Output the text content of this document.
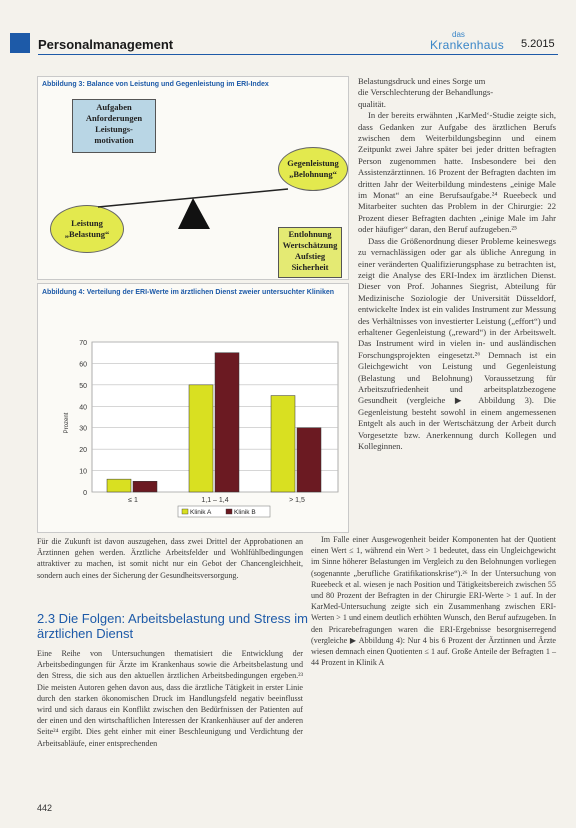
Personalmanagement
das
Krankenhaus 5.2015
Abbildung 3: Balance von Leistung und Gegenleistung im ERI-Index
Aufgaben
Anforderungen
Leistungs-
motivation
Gegenleistung
„Belohnung“
Leistung
„Belastung“	Entlohnung
Wertschätzung
Aufstieg
Sicherheit
Abbildung 4: Verteilung der ERI-Werte im ärztlichen Dienst zweier untersuchter Kliniken
0
10
20
30
40
50
60
70
Prozent
≤ 1	1,1 – 1,4	> 1,5
Klinik A	Klinik B

Belastungsdruck und eines Sorge um

die Verschlechterung der Behandlungs-

qualität.

In der bereits erwähnten ‚KarMed‘-Studie zeigte sich, dass Gedanken zur Aufgabe des ärztlichen Berufs zwischen dem Weiterbildungsbeginn und einem Zeitpunkt zwei Jahre später bei jeder dritten befragten Person zugenommen hatte. Insbesondere bei den Assistenzärztinnen. 16 Prozent der Befragten dachten im dritten Jahr der Weiterbildung mindestens „einige Male im Monat“ an eine Berufsaufgabe.²⁴ Rueebeck und Mitarbeiter suchten das Problem in der Chirurgie: 22 Prozent dieser Befragten dachten „einige Male im Jahr oder häufiger“ daran, den Beruf aufzugeben.²⁵

Dass die Größenordnung dieser Probleme keineswegs zu vernachlässigen oder gar als übliche Anregung in einer veränderten Qualifizierungsphase zu betrachten ist, zeigt die Analyse des ERI-Index im ärztlichen Dienst. Dieser von Prof. Johannes Siegrist, Abteilung für Medizinische Soziologie der Universität Düsseldorf, entwickelte Index ist ein valides Instrument zur Messung des Verhältnisses von investierter Leistung („effort“) und erhaltener Gegenleistung („reward“) in der Arbeitswelt. Das Instrument wird in vielen in- und ausländischen Forschungsprojekten eingesetzt.²⁶ Demnach ist ein Gleichgewicht von Leistung und Gegenleistung (Belastung und Belohnung) Voraussetzung für Arbeitszufriedenheit und arbeitsplatzbezogene Gesundheit (vergleiche ▶ Abbildung 3). Die Gegenleistung besteht sowohl in einem angemessenen Entgelt als auch in der Wertschätzung der Arbeit durch Vorgesetzte bzw. Anerkennung durch Kollegen und Kolleginnen.

Im Falle einer Ausgewogenheit beider Komponenten hat der Quotient einen Wert ≤ 1, während ein Wert > 1 bedeutet, dass ein Ungleichgewicht im Sinne höherer Belastungen im Vergleich zu den Belohnungen vorliegen (sogenannte „berufliche Gratifikationskrise“).²⁶ In der Untersuchung von Rueebeck et al. wiesen je nach Position und Tätigkeitsbereich zwischen 55 und 80 Prozent der Befragten in der Chirurgie ERI-Werte > 1 auf. In der KarMed-Untersuchung zeigte sich ein Zusammenhang zwischen ERI-Werten > 1 und einem deutlich erhöhten Wunsch, den Beruf aufzugeben. In den Pricarebefragungen waren die ERI-Ergebnisse besorgniserregend (vergleiche ▶ Abbildung 4): Nur 4 bis 6 Prozent der Ärztinnen und Ärzte wiesen demnach einen Quotienten ≤ 1 auf. Große Anteile der Befragten 1 – 44 Prozent in Klinik A

Für die Zukunft ist davon auszugehen, dass zwei Drittel der Approbationen an Ärztinnen gehen werden. Ärztliche Arbeitsfelder und Wohlfühlbedingungen attraktiver zu machen, ist somit nicht nur ein Gebot der Chancengleichheit, sondern auch eines der Sicherung der Gesundheitsversorgung.

2.3 Die Folgen: Arbeitsbelastung und Stress im ärztlichen Dienst

Eine Reihe von Untersuchungen thematisiert die Entwicklung der Arbeitsbedingungen für Ärzte im Krankenhaus sowie die Arbeitsbelastung und den Stress, die sich aus den aktuellen ärztlichen Arbeitsbedingungen ergeben.²³ Die meisten Autoren gehen davon aus, dass die ärztliche Tätigkeit in erster Linie durch den starken ökonomischen Druck im Handlungsfeld negativ beeinflusst wird und sich daraus ein Konflikt zwischen den Bedürfnissen der Patienten auf der einen und den wirtschaftlichen Interessen der Krankenhäuser auf der anderen Seite²⁴ ergibt. Dies geht einher mit einer Beschleunigung und Verdichtung der Arbeitsabläufe, einer entsprechenden

442
